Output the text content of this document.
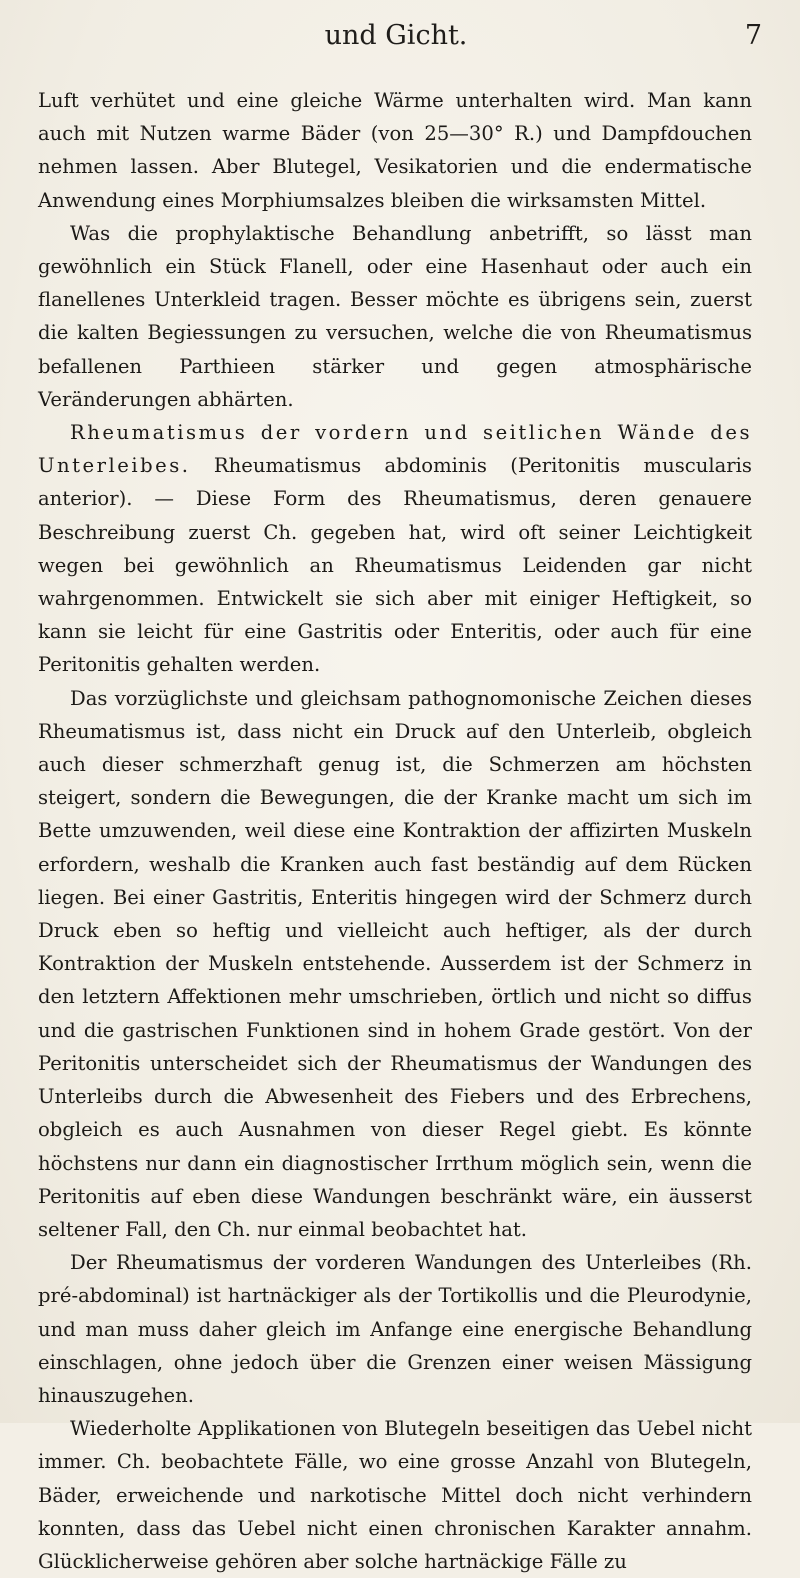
und Gicht.	7

Luft verhütet und eine gleiche Wärme unterhalten wird. Man kann auch mit Nutzen warme Bäder (von 25—30° R.) und Dampfdouchen nehmen lassen. Aber Blutegel, Vesikatorien und die endermatische Anwendung eines Morphiumsalzes bleiben die wirksamsten Mittel.

Was die prophylaktische Behandlung anbetrifft, so lässt man gewöhnlich ein Stück Flanell, oder eine Hasenhaut oder auch ein flanellenes Unterkleid tragen. Besser möchte es übrigens sein, zuerst die kalten Begiessungen zu versuchen, welche die von Rheumatismus befallenen Parthieen stärker und gegen atmosphärische Veränderungen abhärten.

Rheumatismus der vordern und seitlichen Wände des Unterleibes. Rheumatismus abdominis (Peritonitis muscularis anterior). — Diese Form des Rheumatismus, deren genauere Beschreibung zuerst Ch. gegeben hat, wird oft seiner Leichtigkeit wegen bei gewöhnlich an Rheumatismus Leidenden gar nicht wahrgenommen. Entwickelt sie sich aber mit einiger Heftigkeit, so kann sie leicht für eine Gastritis oder Enteritis, oder auch für eine Peritonitis gehalten werden.

Das vorzüglichste und gleichsam pathognomonische Zeichen dieses Rheumatismus ist, dass nicht ein Druck auf den Unterleib, obgleich auch dieser schmerzhaft genug ist, die Schmerzen am höchsten steigert, sondern die Bewegungen, die der Kranke macht um sich im Bette umzuwenden, weil diese eine Kontraktion der affizirten Muskeln erfordern, weshalb die Kranken auch fast beständig auf dem Rücken liegen. Bei einer Gastritis, Enteritis hingegen wird der Schmerz durch Druck eben so heftig und vielleicht auch heftiger, als der durch Kontraktion der Muskeln entstehende. Ausserdem ist der Schmerz in den letztern Affektionen mehr umschrieben, örtlich und nicht so diffus und die gastrischen Funktionen sind in hohem Grade gestört. Von der Peritonitis unterscheidet sich der Rheumatismus der Wandungen des Unterleibs durch die Abwesenheit des Fiebers und des Erbrechens, obgleich es auch Ausnahmen von dieser Regel giebt. Es könnte höchstens nur dann ein diagnostischer Irrthum möglich sein, wenn die Peritonitis auf eben diese Wandungen beschränkt wäre, ein äusserst seltener Fall, den Ch. nur einmal beobachtet hat.

Der Rheumatismus der vorderen Wandungen des Unterleibes (Rh. pré-abdominal) ist hartnäckiger als der Tortikollis und die Pleurodynie, und man muss daher gleich im Anfange eine energische Behandlung einschlagen, ohne jedoch über die Grenzen einer weisen Mässigung hinauszugehen.

Wiederholte Applikationen von Blutegeln beseitigen das Uebel nicht immer. Ch. beobachtete Fälle, wo eine grosse Anzahl von Blutegeln, Bäder, erweichende und narkotische Mittel doch nicht verhindern konnten, dass das Uebel nicht einen chronischen Karakter annahm. Glücklicherweise gehören aber solche hartnäckige Fälle zu
